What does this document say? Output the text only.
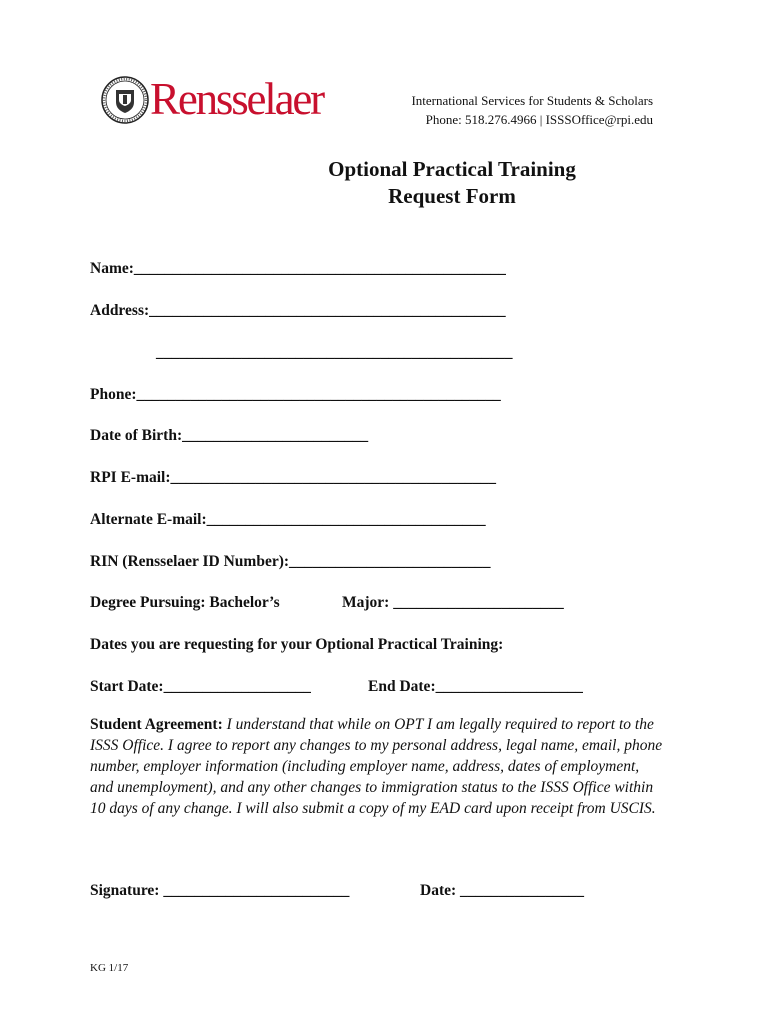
Rensselaer	International Services for Students & Scholars
Phone: 518.276.4966 | ISSSOffice@rpi.edu
Optional Practical Training
Request Form
Name:________________________________________________
Address:______________________________________________
______________________________________________
Phone:_______________________________________________
Date of Birth:________________________
RPI E-mail:__________________________________________
Alternate E-mail:____________________________________
RIN (Rensselaer ID Number):__________________________
Degree Pursuing: Bachelor’s	Major: ______________________
Dates you are requesting for your Optional Practical Training:
Start Date:___________________	End Date:___________________
Student Agreement: I understand that while on OPT I am legally required to report to the ISSS Office. I agree to report any changes to my personal address, legal name, email, phone number, employer information (including employer name, address, dates of employment, and unemployment), and any other changes to immigration status to the ISSS Office within 10 days of any change. I will also submit a copy of my EAD card upon receipt from USCIS.
Signature: ________________________	Date: ________________
KG 1/17
